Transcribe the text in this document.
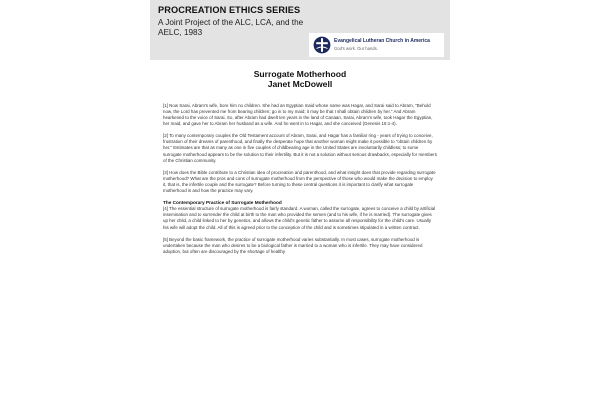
PROCREATION ETHICS SERIES
A Joint Project of the ALC, LCA, and the AELC, 1983
Evangelical Lutheran Church in America
God's work. Our hands.
Surrogate Motherhood
Janet McDowell

[1] Now Sarai, Abram's wife, bore him no children. She had an Egyptian maid whose name was Hagar, and Sarai said to Abram, "Behold now, the Lord has prevented me from bearing children; go in to my maid; it may be that I shall obtain children by her." And Abram hearkened to the voice of Sarai. So, after Abram had dwelt ten years in the land of Canaan, Sarai, Abram's wife, took Hagar the Egyptian, her maid, and gave her to Abram her husband as a wife. And he went in to Hagar, and she conceived (Genesis 16:1-4).

[2] To many contemporary couples the Old Testament account of Abram, Sarai, and Hagar has a familiar ring - years of trying to conceive, frustration of their dreams of parenthood, and finally the desperate hope that another woman might make it possible to "obtain children by her." Estimates are that as many as one in five couples of childbearing age in the United States are involuntarily childless; to some surrogate motherhood appears to be the solution to their infertility. But it is not a solution without serious drawbacks, especially for members of the Christian community.

[3] How does the Bible contribute to a Christian idea of procreation and parenthood, and what insight does that provide regarding surrogate motherhood? What are the pros and cons of surrogate motherhood from the perspective of those who would make the decision to employ it, that is, the infertile couple and the surrogate? Before turning to these central questions it is important to clarify what surrogate motherhood is and how the practice may vary.

The Contemporary Practice of Surrogate Motherhood

[4] The essential structure of surrogate motherhood is fairly standard. A woman, called the surrogate, agrees to conceive a child by artificial insemination and to surrender the child at birth to the man who provided the semen (and to his wife, if he is married). The surrogate gives up her child, a child linked to her by genetics, and allows the child's genetic father to assume all responsibility for the child's care. Usually his wife will adopt the child. All of this is agreed prior to the conception of the child and is sometimes stipulated in a written contract.

[5] Beyond the basic framework, the practice of surrogate motherhood varies substantially. In most cases, surrogate motherhood is undertaken because the man who desires to be a biological father is married to a woman who is infertile. They may have considered adoption, but often are discouraged by the shortage of healthy
